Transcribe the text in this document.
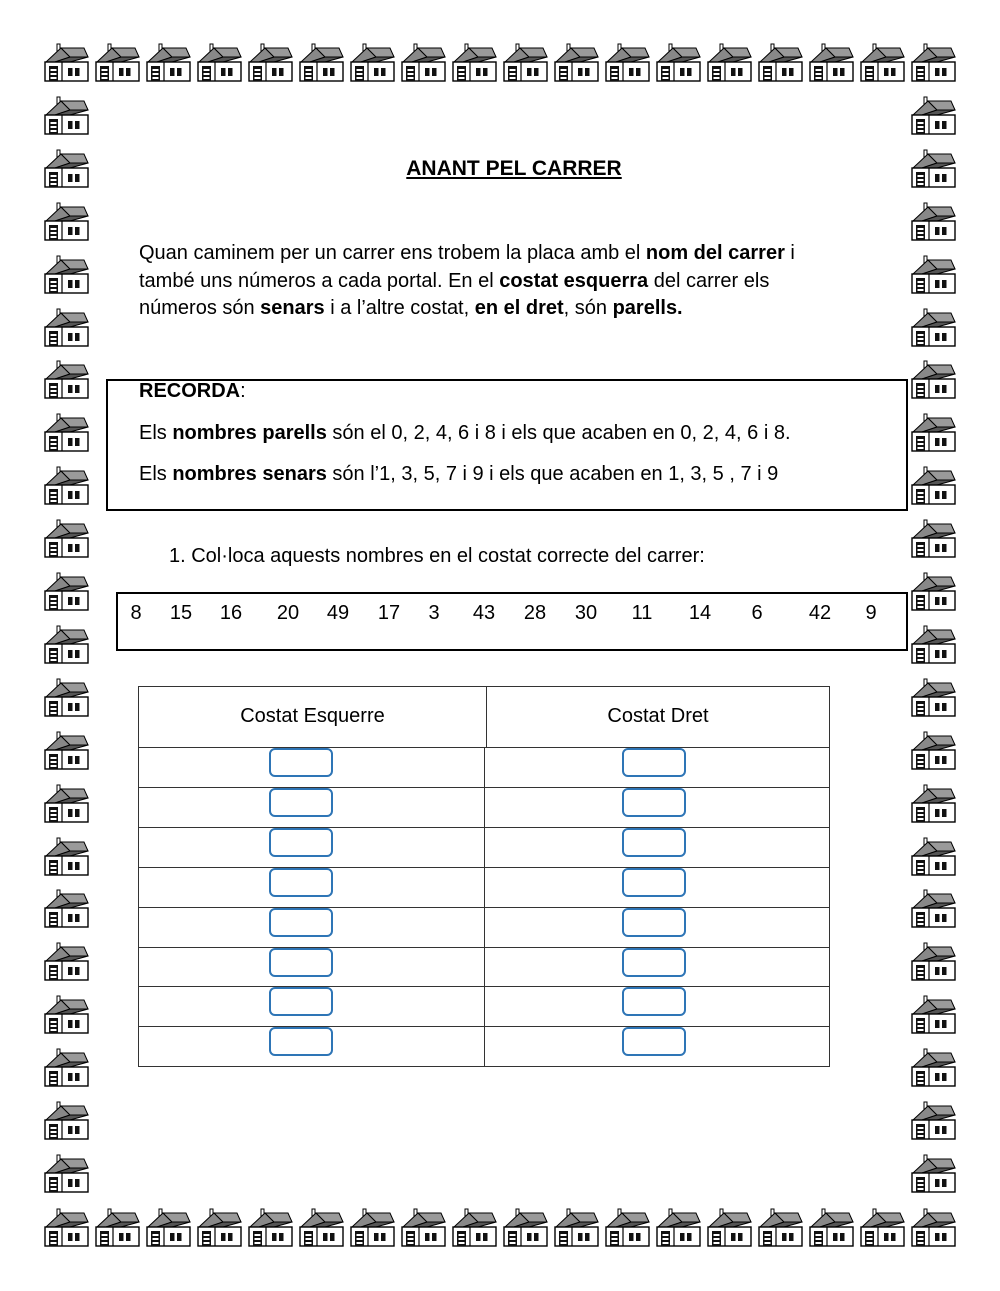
ANANT PEL CARRER
Quan caminem per un carrer ens trobem la placa amb el nom del carrer i
també uns números a cada portal. En el costat esquerra del carrer els
números són senars i a l’altre costat, en el dret, són parells.
RECORDA:
Els nombres parells són el 0, 2, 4, 6 i 8 i els que acaben en 0, 2, 4, 6 i 8.
Els nombres senars són l’1, 3, 5, 7 i 9 i els que acaben en 1, 3, 5 , 7 i 9
1. Col·loca aquests nombres en el costat correcte del carrer:
8 15 16 20 49 17 3 43 28 30 11 14 6 42 9
Costat Esquerre	Costat Dret
